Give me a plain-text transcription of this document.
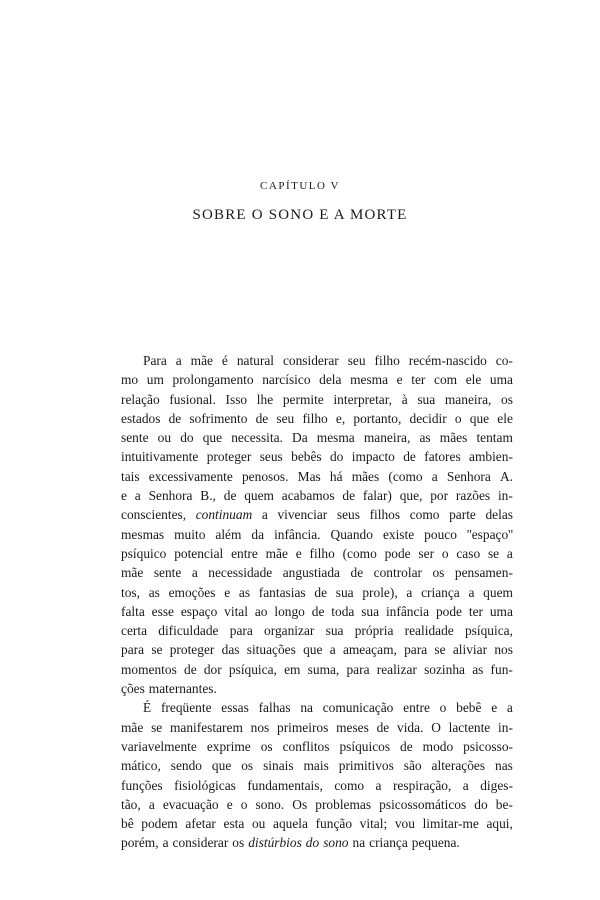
CAPÍTULO V
SOBRE O SONO E A MORTE

Para a mãe é natural considerar seu filho recém-nascido co-
mo um prolongamento narcísico dela mesma e ter com ele uma
relação fusional. Isso lhe permite interpretar, à sua maneira, os
estados de sofrimento de seu filho e, portanto, decidir o que ele
sente ou do que necessita. Da mesma maneira, as mães tentam
intuitivamente proteger seus bebês do impacto de fatores ambien-
tais excessivamente penosos. Mas há mães (como a Senhora A.
e a Senhora B., de quem acabamos de falar) que, por razões in-
conscientes, continuam a vivenciar seus filhos como parte delas
mesmas muito além da infância. Quando existe pouco ''espaço''
psíquico potencial entre mãe e filho (como pode ser o caso se a
mãe sente a necessidade angustiada de controlar os pensamen-
tos, as emoções e as fantasias de sua prole), a criança a quem
falta esse espaço vital ao longo de toda sua infância pode ter uma
certa dificuldade para organizar sua própria realidade psíquica,
para se proteger das situações que a ameaçam, para se aliviar nos
momentos de dor psíquica, em suma, para realizar sozinha as fun-
ções maternantes.

É freqüente essas falhas na comunicação entre o bebê e a
mãe se manifestarem nos primeiros meses de vida. O lactente in-
variavelmente exprime os conflitos psíquicos de modo psicosso-
mático, sendo que os sinais mais primitivos são alterações nas
funções fisiológicas fundamentais, como a respiração, a diges-
tão, a evacuação e o sono. Os problemas psicossomáticos do be-
bê podem afetar esta ou aquela função vital; vou limitar-me aqui,
porém, a considerar os distúrbios do sono na criança pequena.
